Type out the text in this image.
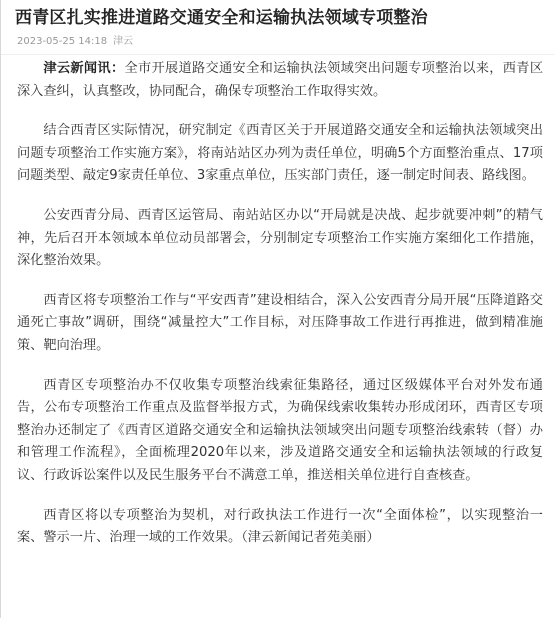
西青区扎实推进道路交通安全和运输执法领域专项整治
2023-05-25 14:18 津云

津云新闻讯：全市开展道路交通安全和运输执法领域突出问题专项整治以来，西青区深入查纠，认真整改，协同配合，确保专项整治工作取得实效。

结合西青区实际情况，研究制定《西青区关于开展道路交通安全和运输执法领域突出问题专项整治工作实施方案》，将南站站区办列为责任单位，明确5个方面整治重点、17项问题类型、敲定9家责任单位、3家重点单位，压实部门责任，逐一制定时间表、路线图。

公安西青分局、西青区运管局、南站站区办以“开局就是决战、起步就要冲刺”的精气神，先后召开本领域本单位动员部署会，分别制定专项整治工作实施方案细化工作措施，深化整治效果。

西青区将专项整治工作与“平安西青”建设相结合，深入公安西青分局开展“压降道路交通死亡事故”调研，围绕“减量控大”工作目标，对压降事故工作进行再推进，做到精准施策、靶向治理。

西青区专项整治办不仅收集专项整治线索征集路径，通过区级媒体平台对外发布通告，公布专项整治工作重点及监督举报方式，为确保线索收集转办形成闭环，西青区专项整治办还制定了《西青区道路交通安全和运输执法领域突出问题专项整治线索转（督）办和管理工作流程》，全面梳理2020年以来，涉及道路交通安全和运输执法领域的行政复议、行政诉讼案件以及民生服务平台不满意工单，推送相关单位进行自查核查。

西青区将以专项整治为契机，对行政执法工作进行一次“全面体检”，以实现整治一案、警示一片、治理一域的工作效果。（津云新闻记者苑美丽）
